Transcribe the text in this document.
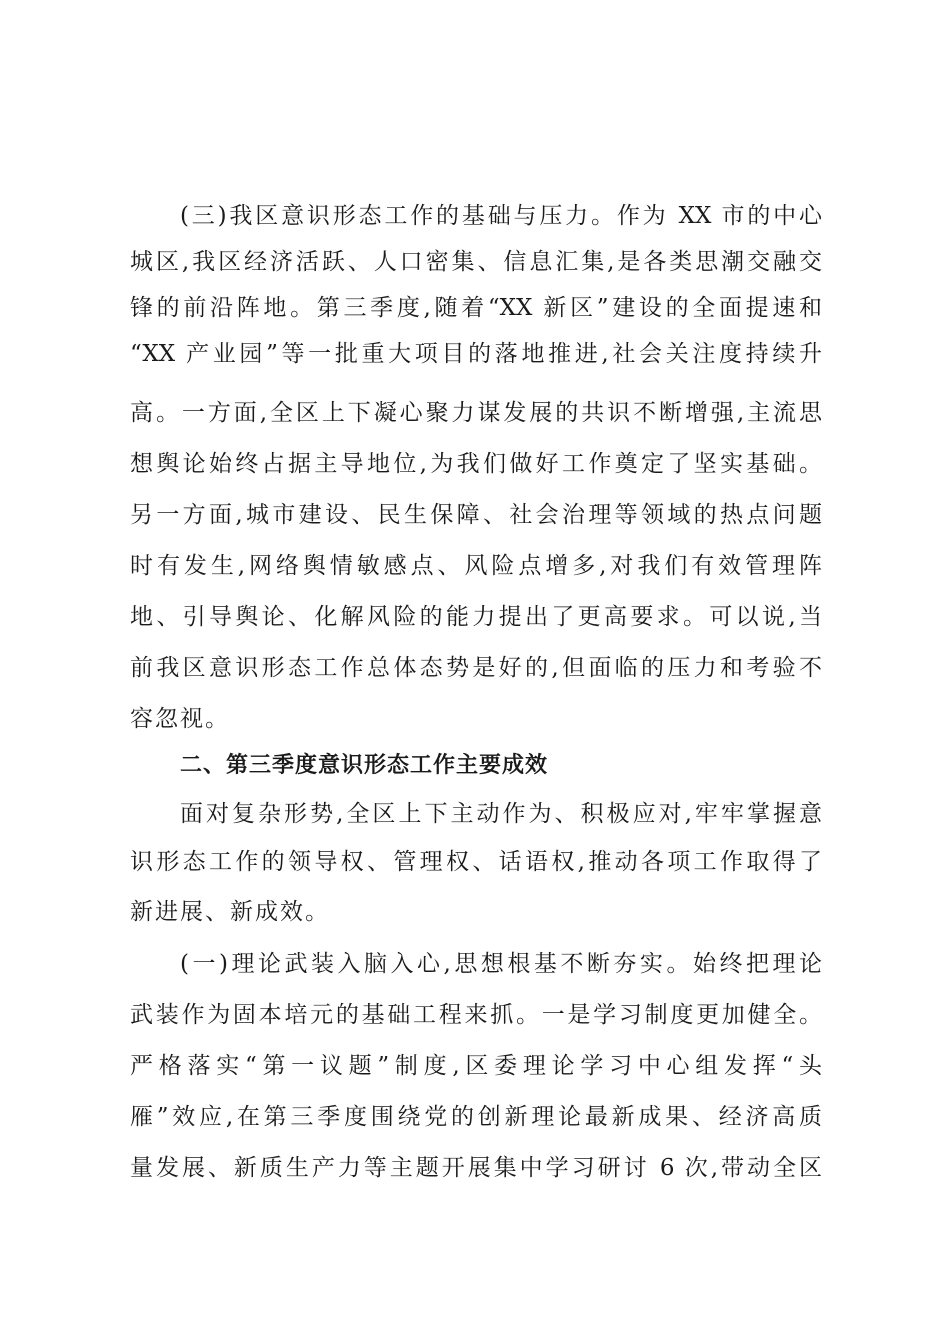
(三)我区意识形态工作的基础与压力。作为 XX 市的中心
城区,我区经济活跃、人口密集、信息汇集,是各类思潮交融交
锋的前沿阵地。第三季度,随着“XX 新区”建设的全面提速和
“XX 产业园”等一批重大项目的落地推进,社会关注度持续升
高。一方面,全区上下凝心聚力谋发展的共识不断增强,主流思
想舆论始终占据主导地位,为我们做好工作奠定了坚实基础。
另一方面,城市建设、民生保障、社会治理等领域的热点问题
时有发生,网络舆情敏感点、风险点增多,对我们有效管理阵
地、引导舆论、化解风险的能力提出了更高要求。可以说,当
前我区意识形态工作总体态势是好的,但面临的压力和考验不
容忽视。
二、第三季度意识形态工作主要成效
面对复杂形势,全区上下主动作为、积极应对,牢牢掌握意
识形态工作的领导权、管理权、话语权,推动各项工作取得了
新进展、新成效。
(一)理论武装入脑入心,思想根基不断夯实。始终把理论
武装作为固本培元的基础工程来抓。一是学习制度更加健全。
严格落实“第一议题”制度,区委理论学习中心组发挥“头
雁”效应,在第三季度围绕党的创新理论最新成果、经济高质
量发展、新质生产力等主题开展集中学习研讨 6 次,带动全区
